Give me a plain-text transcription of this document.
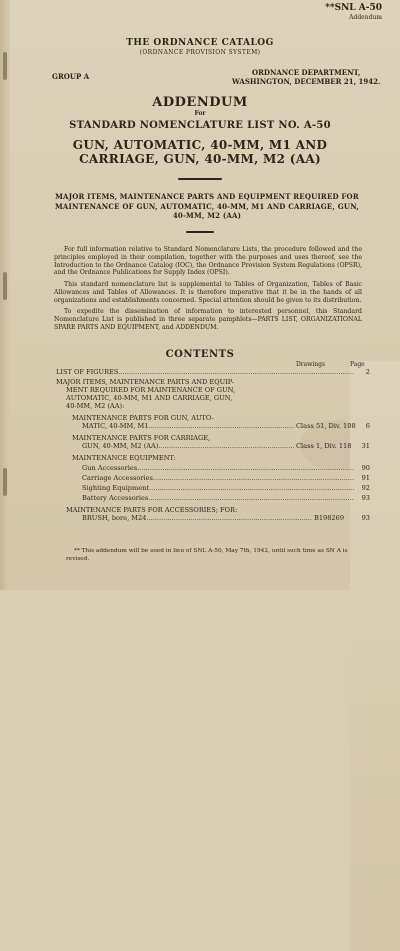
**SNL A-50
Addendum
THE ORDNANCE CATALOG
(ORDNANCE PROVISION SYSTEM)
GROUP A	ORDNANCE DEPARTMENT,
WASHINGTON, DECEMBER 21, 1942.
ADDENDUM
For
STANDARD NOMENCLATURE LIST NO. A-50
GUN, AUTOMATIC, 40-MM, M1 AND
CARRIAGE, GUN, 40-MM, M2 (AA)
MAJOR ITEMS, MAINTENANCE PARTS AND EQUIPMENT REQUIRED FOR
MAINTENANCE OF GUN, AUTOMATIC, 40-MM, M1 AND CARRIAGE, GUN,
40-MM, M2 (AA)
For full information relative to Standard Nomenclature Lists, the procedure followed and the principles employed in their compilation, together with the purposes and uses thereof, see the Introduction to the Ordnance Catalog (IOC), the Ordnance Provision System Regulations (OPSR), and the Ordnance Publications for Supply Index (OPSI).
This standard nomenclature list is supplemental to Tables of Organization, Tables of Basic Allowances and Tables of Allowances. It is therefore imperative that it be in the hands of all organizations and establishments concerned. Special attention should be given to its distribution.
To expedite the dissemination of information to interested personnel, this Standard Nomenclature List is published in three separate pamphlets—PARTS LIST, ORGANIZATIONAL SPARE PARTS AND EQUIPMENT, and ADDENDUM.
CONTENTS
Drawings	Page
LIST OF FIGURES .....	2
MAJOR ITEMS, MAINTENANCE PARTS AND EQUIP-
MENT REQUIRED FOR MAINTENANCE OF GUN,
AUTOMATIC, 40-MM, M1 AND CARRIAGE, GUN,
40-MM, M2 (AA):
MAINTENANCE PARTS FOR GUN, AUTO-
MATIC, 40-MM, M1 .....	Class 51, Div. 108	6
MAINTENANCE PARTS FOR CARRIAGE,
GUN, 40-MM, M2 (AA) .....	Class 1, Div. 118	31
MAINTENANCE EQUIPMENT:
Gun Accessories .....	90
Carriage Accessories .....	91
Sighting Equipment .....	92
Battery Accessories .....	93
MAINTENANCE PARTS FOR ACCESSORIES; FOR:
BRUSH, bore, M24 .....	B198269	93
** This addendum will be used in lieu of SNL A-50, May 7th, 1942, until such time as SN A is revised.
